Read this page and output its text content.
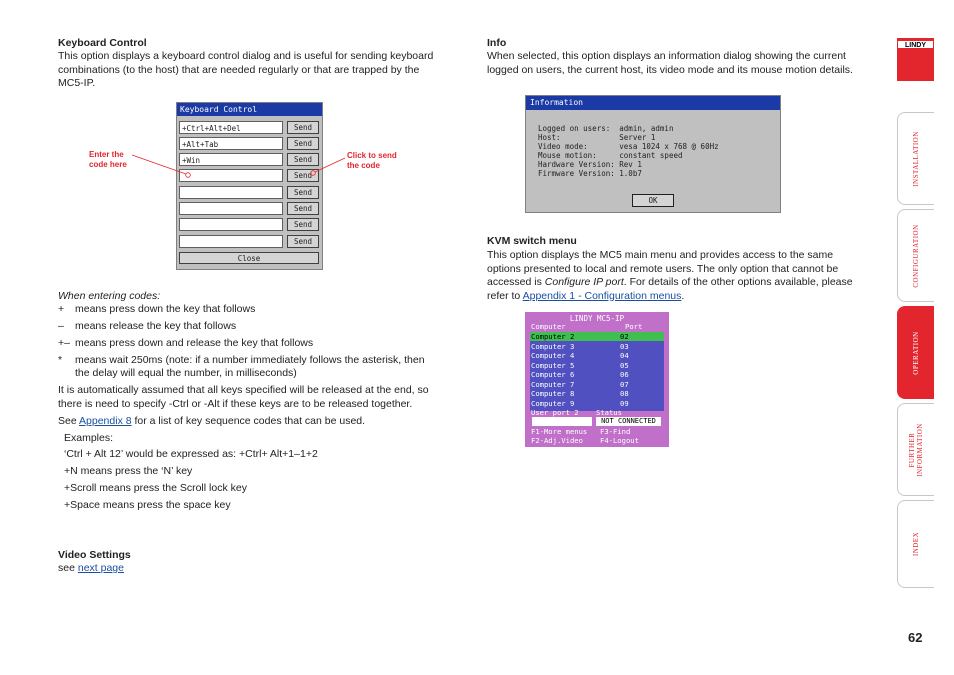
Keyboard Control
This option displays a keyboard control dialog and is useful for sending keyboard
combinations (to the host) that are needed regularly or that are trapped by the
MC5-IP.
Keyboard Control
+Ctrl+Alt+Del	Send
+Alt+Tab	Send
+Win	Send
Send
Send
Send
Send
Send
Close
Enter the
code here
Click to send
the code
When entering codes:
+ means press down the key that follows
– means release the key that follows
+– means press down and release the key that follows
* means wait 250ms (note: if a number immediately follows the asterisk, then
the delay will equal the number, in milliseconds)
It is automatically assumed that all keys specified will be released at the end, so
there is need to specify -Ctrl or -Alt if these keys are to be released together.
See Appendix 8 for a list of key sequence codes that can be used.
Examples:
‘Ctrl + Alt 12’ would be expressed as: +Ctrl+ Alt+1–1+2
+N means press the ‘N’ key
+Scroll means press the Scroll lock key
+Space means press the space key
Video Settings
see next page
Info
When selected, this option displays an information dialog showing the current
logged on users, the current host, its video mode and its mouse motion details.
Information
Logged on users:  admin, admin
Host:             Server 1
Video mode:       vesa 1024 x 768 @ 60Hz
Mouse motion:     constant speed
Hardware Version: Rev 1
Firmware Version: 1.0b7
OK
KVM switch menu
This option displays the MC5 main menu and provides access to the same
options presented to local and remote users. The only option that cannot be
accessed is Configure IP port. For details of the other options available, please
refer to Appendix 1 - Configuration menus.
LINDY MC5-IP
Computer	Port
Computer 2	02
Computer 3	03
Computer 4	04
Computer 5	05
Computer 6	06
Computer 7	07
Computer 8	08
Computer 9	09
User port 2 Status
NOT CONNECTED
F1-More menus F3-Find
F2-Adj.Video F4-Logout
LINDY
INSTALLATION
CONFIGURATION
OPERATION
FURTHER INFORMATION
INDEX
62
